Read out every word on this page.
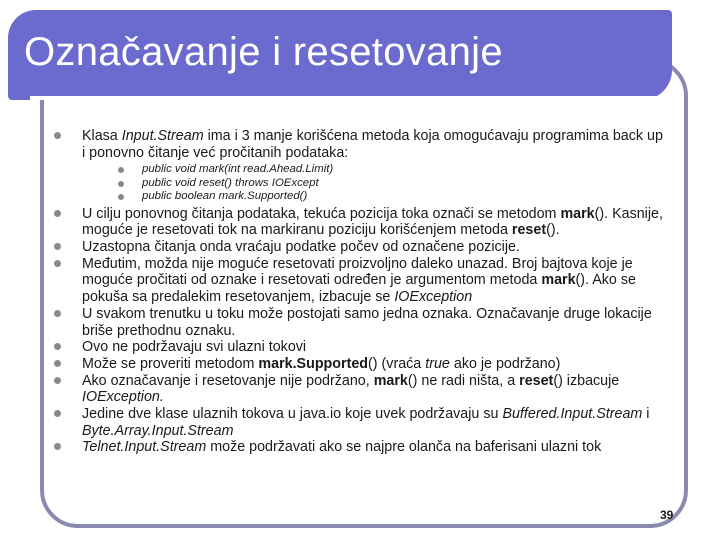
Označavanje i resetovanje
Klasa Input.Stream ima i 3 manje korišćena metoda koja omogućavaju programima back up i ponovno čitanje već pročitanih podataka:
public void mark(int read.Ahead.Limit)
public void reset() throws IOExcept
public boolean mark.Supported()
U cilju ponovnog čitanja podataka, tekuća pozicija toka označi se metodom mark(). Kasnije, moguće je resetovati tok na markiranu poziciju korišćenjem metoda reset().
Uzastopna čitanja onda vraćaju podatke počev od označene pozicije.
Međutim, možda nije moguće resetovati proizvoljno daleko unazad. Broj bajtova koje je moguće pročitati od oznake i resetovati određen je argumentom metoda mark(). Ako se pokuša sa predalekim resetovanjem, izbacuje se IOException
U svakom trenutku u toku može postojati samo jedna oznaka. Označavanje druge lokacije briše prethodnu oznaku.
Ovo ne podržavaju svi ulazni tokovi
Može se proveriti metodom mark.Supported() (vraća true ako je podržano)
Ako označavanje i resetovanje nije podržano, mark() ne radi ništa, a reset() izbacuje IOException.
Jedine dve klase ulaznih tokova u java.io koje uvek podržavaju su Buffered.Input.Stream i Byte.Array.Input.Stream
Telnet.Input.Stream može podržavati ako se najpre olanča na baferisani ulazni tok
39
